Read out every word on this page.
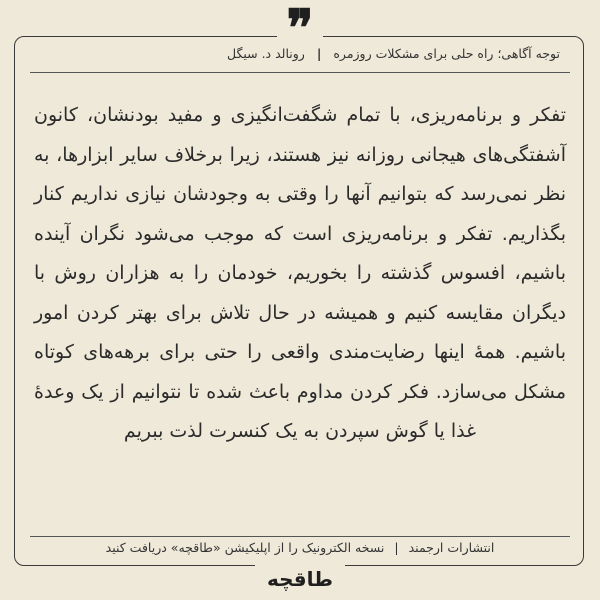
❞	توجه آگاهی؛ راه حلی برای مشکلات روزمره | رونالد د. سیگل
تفکر و برنامه‌ریزی، با تمام شگفت‌انگیزی و مفید بودنشان، کانون آشفتگی‌های هیجانی روزانه نیز هستند، زیرا برخلاف سایر ابزارها، به نظر نمی‌رسد که بتوانیم آنها را وقتی به وجودشان نیازی نداریم کنار بگذاریم. تفکر و برنامه‌ریزی است که موجب می‌شود نگران آینده باشیم، افسوس گذشته را بخوریم، خودمان را به هزاران روش با دیگران مقایسه کنیم و همیشه در حال تلاش برای بهتر کردن امور باشیم. همهٔ اینها رضایت‌مندی واقعی را حتی برای برهه‌های کوتاه مشکل می‌سازد. فکر کردن مداوم باعث شده تا نتوانیم از یک وعدهٔ غذا یا گوش سپردن به یک کنسرت لذت ببریم
انتشارات ارجمند | نسخه الکترونیک را از اپلیکیشن «طاقچه» دریافت کنید
طاقچه
